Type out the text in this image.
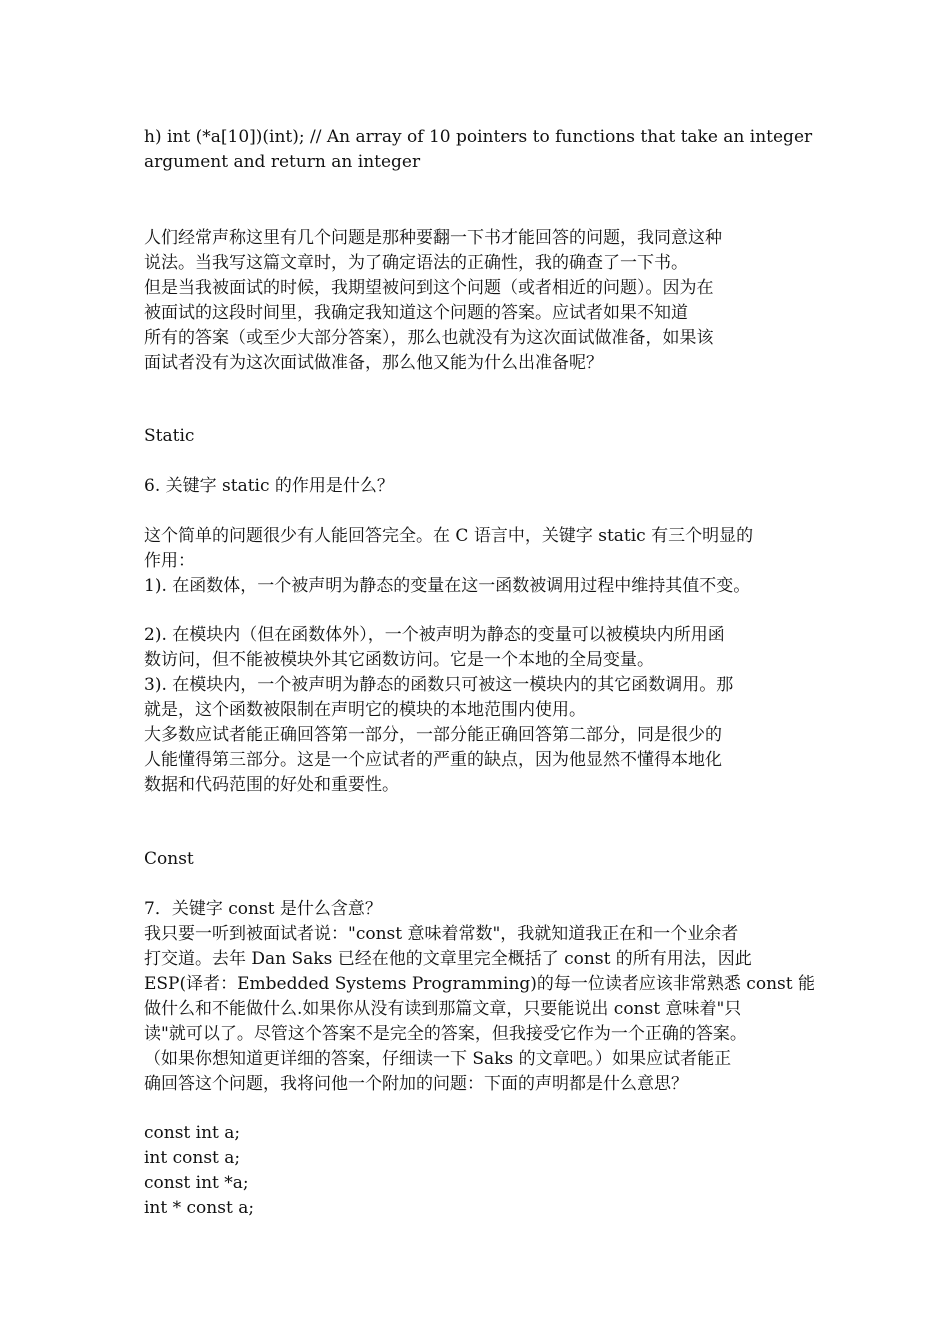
h) int (*a[10])(int); // An array of 10 pointers to functions that take an integer
argument and return an integer
人们经常声称这里有几个问题是那种要翻一下书才能回答的问题，我同意这种
说法。当我写这篇文章时，为了确定语法的正确性，我的确查了一下书。
但是当我被面试的时候，我期望被问到这个问题（或者相近的问题）。因为在
被面试的这段时间里，我确定我知道这个问题的答案。应试者如果不知道
所有的答案（或至少大部分答案），那么也就没有为这次面试做准备，如果该
面试者没有为这次面试做准备，那么他又能为什么出准备呢？
Static
6. 关键字 static 的作用是什么？
这个简单的问题很少有人能回答完全。在 C 语言中，关键字 static 有三个明显的
作用：
1). 在函数体，一个被声明为静态的变量在这一函数被调用过程中维持其值不变。
2). 在模块内（但在函数体外），一个被声明为静态的变量可以被模块内所用函
数访问，但不能被模块外其它函数访问。它是一个本地的全局变量。
3). 在模块内，一个被声明为静态的函数只可被这一模块内的其它函数调用。那
就是，这个函数被限制在声明它的模块的本地范围内使用。
大多数应试者能正确回答第一部分，一部分能正确回答第二部分，同是很少的
人能懂得第三部分。这是一个应试者的严重的缺点，因为他显然不懂得本地化
数据和代码范围的好处和重要性。
Const
7．关键字 const 是什么含意？
我只要一听到被面试者说："const 意味着常数"，我就知道我正在和一个业余者
打交道。去年 Dan Saks 已经在他的文章里完全概括了 const 的所有用法，因此
ESP(译者：Embedded Systems Programming)的每一位读者应该非常熟悉 const 能
做什么和不能做什么.如果你从没有读到那篇文章，只要能说出 const 意味着"只
读"就可以了。尽管这个答案不是完全的答案，但我接受它作为一个正确的答案。
（如果你想知道更详细的答案，仔细读一下 Saks 的文章吧。）如果应试者能正
确回答这个问题，我将问他一个附加的问题：下面的声明都是什么意思？
const int a;
int const a;
const int *a;
int * const a;
